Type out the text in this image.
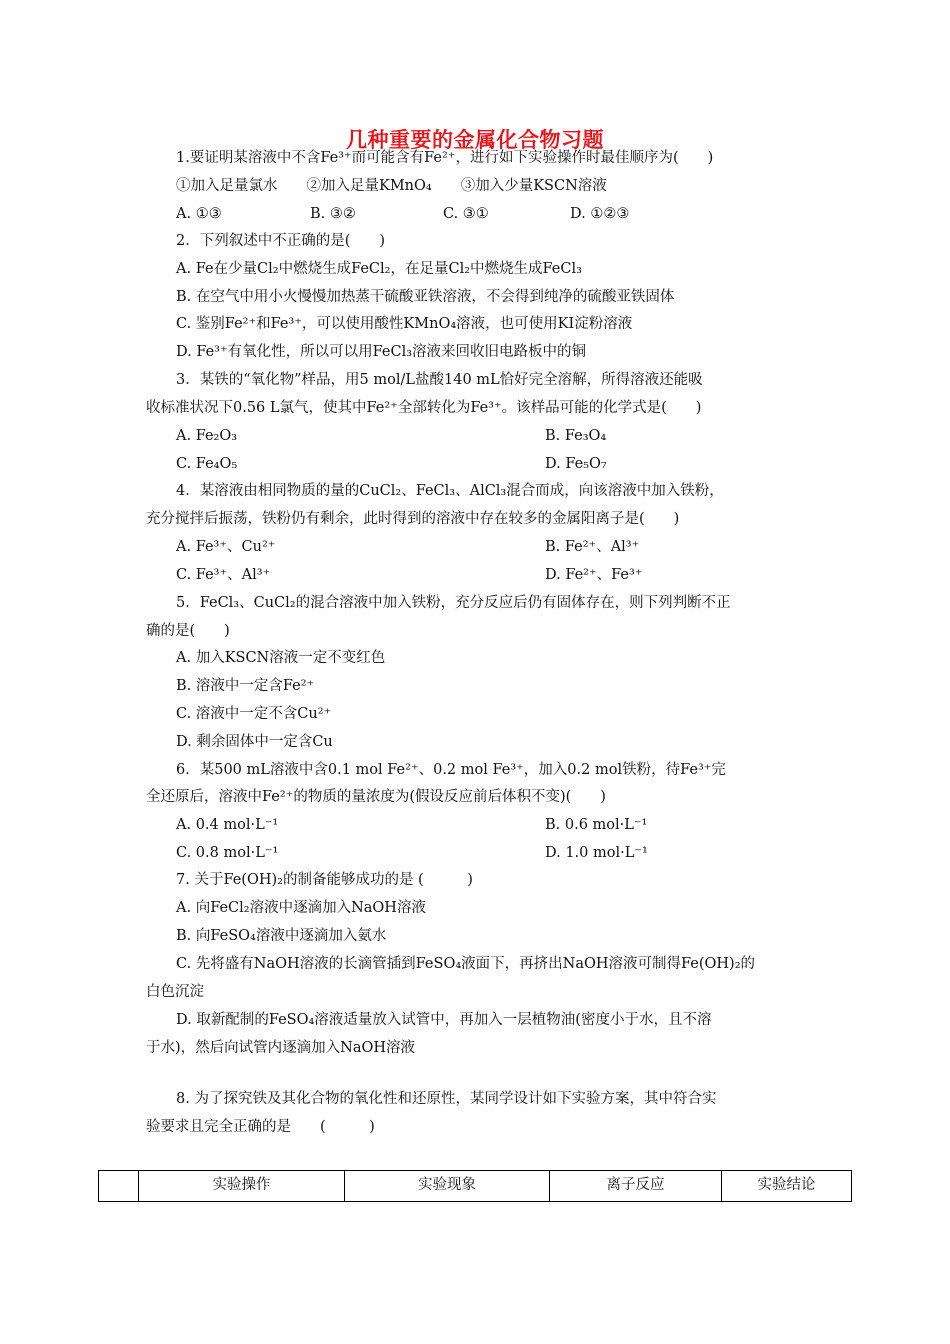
几种重要的金属化合物习题
1.要证明某溶液中不含Fe³⁺而可能含有Fe²⁺，进行如下实验操作时最佳顺序为(　　)
①加入足量氯水　　②加入足量KMnO₄　　③加入少量KSCN溶液
A. ①③	B. ③②	C. ③①	D. ①②③
2．下列叙述中不正确的是(　　)
A. Fe在少量Cl₂中燃烧生成FeCl₂，在足量Cl₂中燃烧生成FeCl₃
B. 在空气中用小火慢慢加热蒸干硫酸亚铁溶液，不会得到纯净的硫酸亚铁固体
C. 鉴别Fe²⁺和Fe³⁺，可以使用酸性KMnO₄溶液，也可使用KI淀粉溶液
D. Fe³⁺有氧化性，所以可以用FeCl₃溶液来回收旧电路板中的铜
3．某铁的“氧化物”样品，用5 mol/L盐酸140 mL恰好完全溶解，所得溶液还能吸
收标准状况下0.56 L氯气，使其中Fe²⁺全部转化为Fe³⁺。该样品可能的化学式是(　　)
A. Fe₂O₃	B. Fe₃O₄
C. Fe₄O₅	D. Fe₅O₇
4．某溶液由相同物质的量的CuCl₂、FeCl₃、AlCl₃混合而成，向该溶液中加入铁粉，
充分搅拌后振荡，铁粉仍有剩余，此时得到的溶液中存在较多的金属阳离子是(　　)
A. Fe³⁺、Cu²⁺	B. Fe²⁺、Al³⁺
C. Fe³⁺、Al³⁺	D. Fe²⁺、Fe³⁺
5．FeCl₃、CuCl₂的混合溶液中加入铁粉，充分反应后仍有固体存在，则下列判断不正
确的是(　　)
A. 加入KSCN溶液一定不变红色
B. 溶液中一定含Fe²⁺
C. 溶液中一定不含Cu²⁺
D. 剩余固体中一定含Cu
6．某500 mL溶液中含0.1 mol Fe²⁺、0.2 mol Fe³⁺，加入0.2 mol铁粉，待Fe³⁺完
全还原后，溶液中Fe²⁺的物质的量浓度为(假设反应前后体积不变)(　　)
A. 0.4 mol·L⁻¹	B. 0.6 mol·L⁻¹
C. 0.8 mol·L⁻¹	D. 1.0 mol·L⁻¹
7. 关于Fe(OH)₂的制备能够成功的是 (　　　)
A. 向FeCl₂溶液中逐滴加入NaOH溶液
B. 向FeSO₄溶液中逐滴加入氨水
C. 先将盛有NaOH溶液的长滴管插到FeSO₄液面下，再挤出NaOH溶液可制得Fe(OH)₂的
白色沉淀
D. 取新配制的FeSO₄溶液适量放入试管中，再加入一层植物油(密度小于水，且不溶
于水)，然后向试管内逐滴加入NaOH溶液
8. 为了探究铁及其化合物的氧化性和还原性，某同学设计如下实验方案，其中符合实
验要求且完全正确的是　　(　　　)
实验操作	实验现象	离子反应	实验结论
